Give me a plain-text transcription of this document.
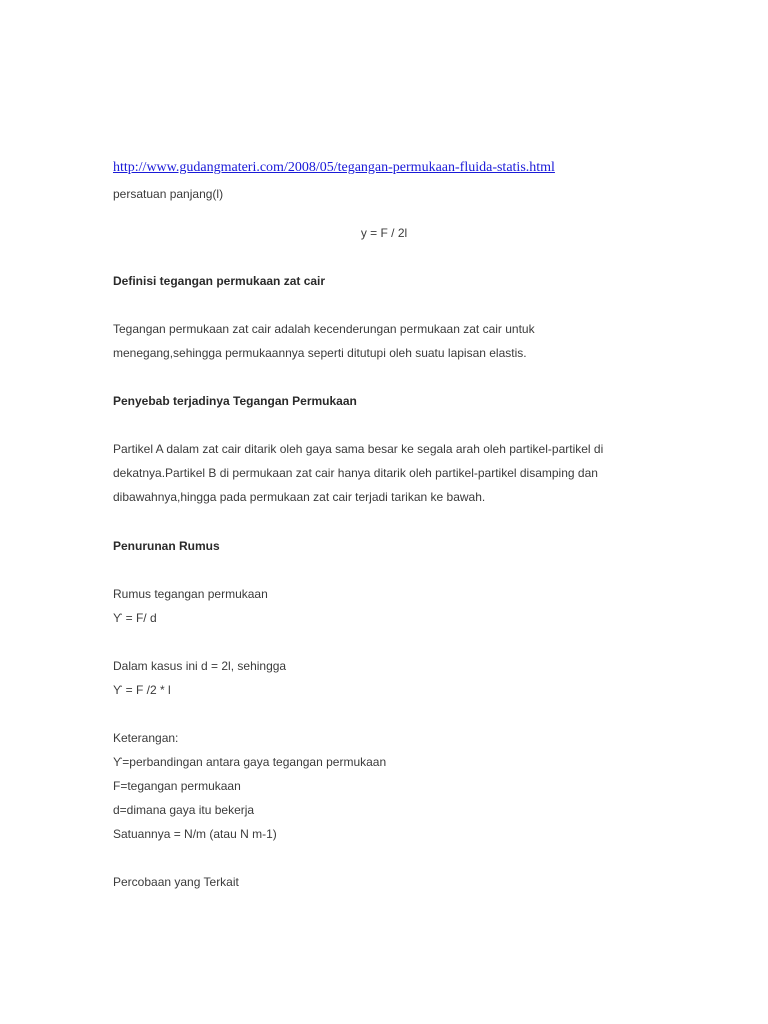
http://www.gudangmateri.com/2008/05/tegangan-permukaan-fluida-statis.html
persatuan panjang(l)
y = F / 2l
Definisi tegangan permukaan zat cair
Tegangan permukaan zat cair adalah kecenderungan permukaan zat cair untuk
menegang,sehingga permukaannya seperti ditutupi oleh suatu lapisan elastis.
Penyebab terjadinya Tegangan Permukaan
Partikel A dalam zat cair ditarik oleh gaya sama besar ke segala arah oleh partikel-partikel di
dekatnya.Partikel B di permukaan zat cair hanya ditarik oleh partikel-partikel disamping dan
dibawahnya,hingga pada permukaan zat cair terjadi tarikan ke bawah.
Penurunan Rumus
Rumus tegangan permukaan
ϒ = F/ d
Dalam kasus ini d = 2l, sehingga
ϒ = F /2 * l
Keterangan:
ϒ=perbandingan antara gaya tegangan permukaan
F=tegangan permukaan
d=dimana gaya itu bekerja
Satuannya = N/m (atau N m-1)
Percobaan yang Terkait
